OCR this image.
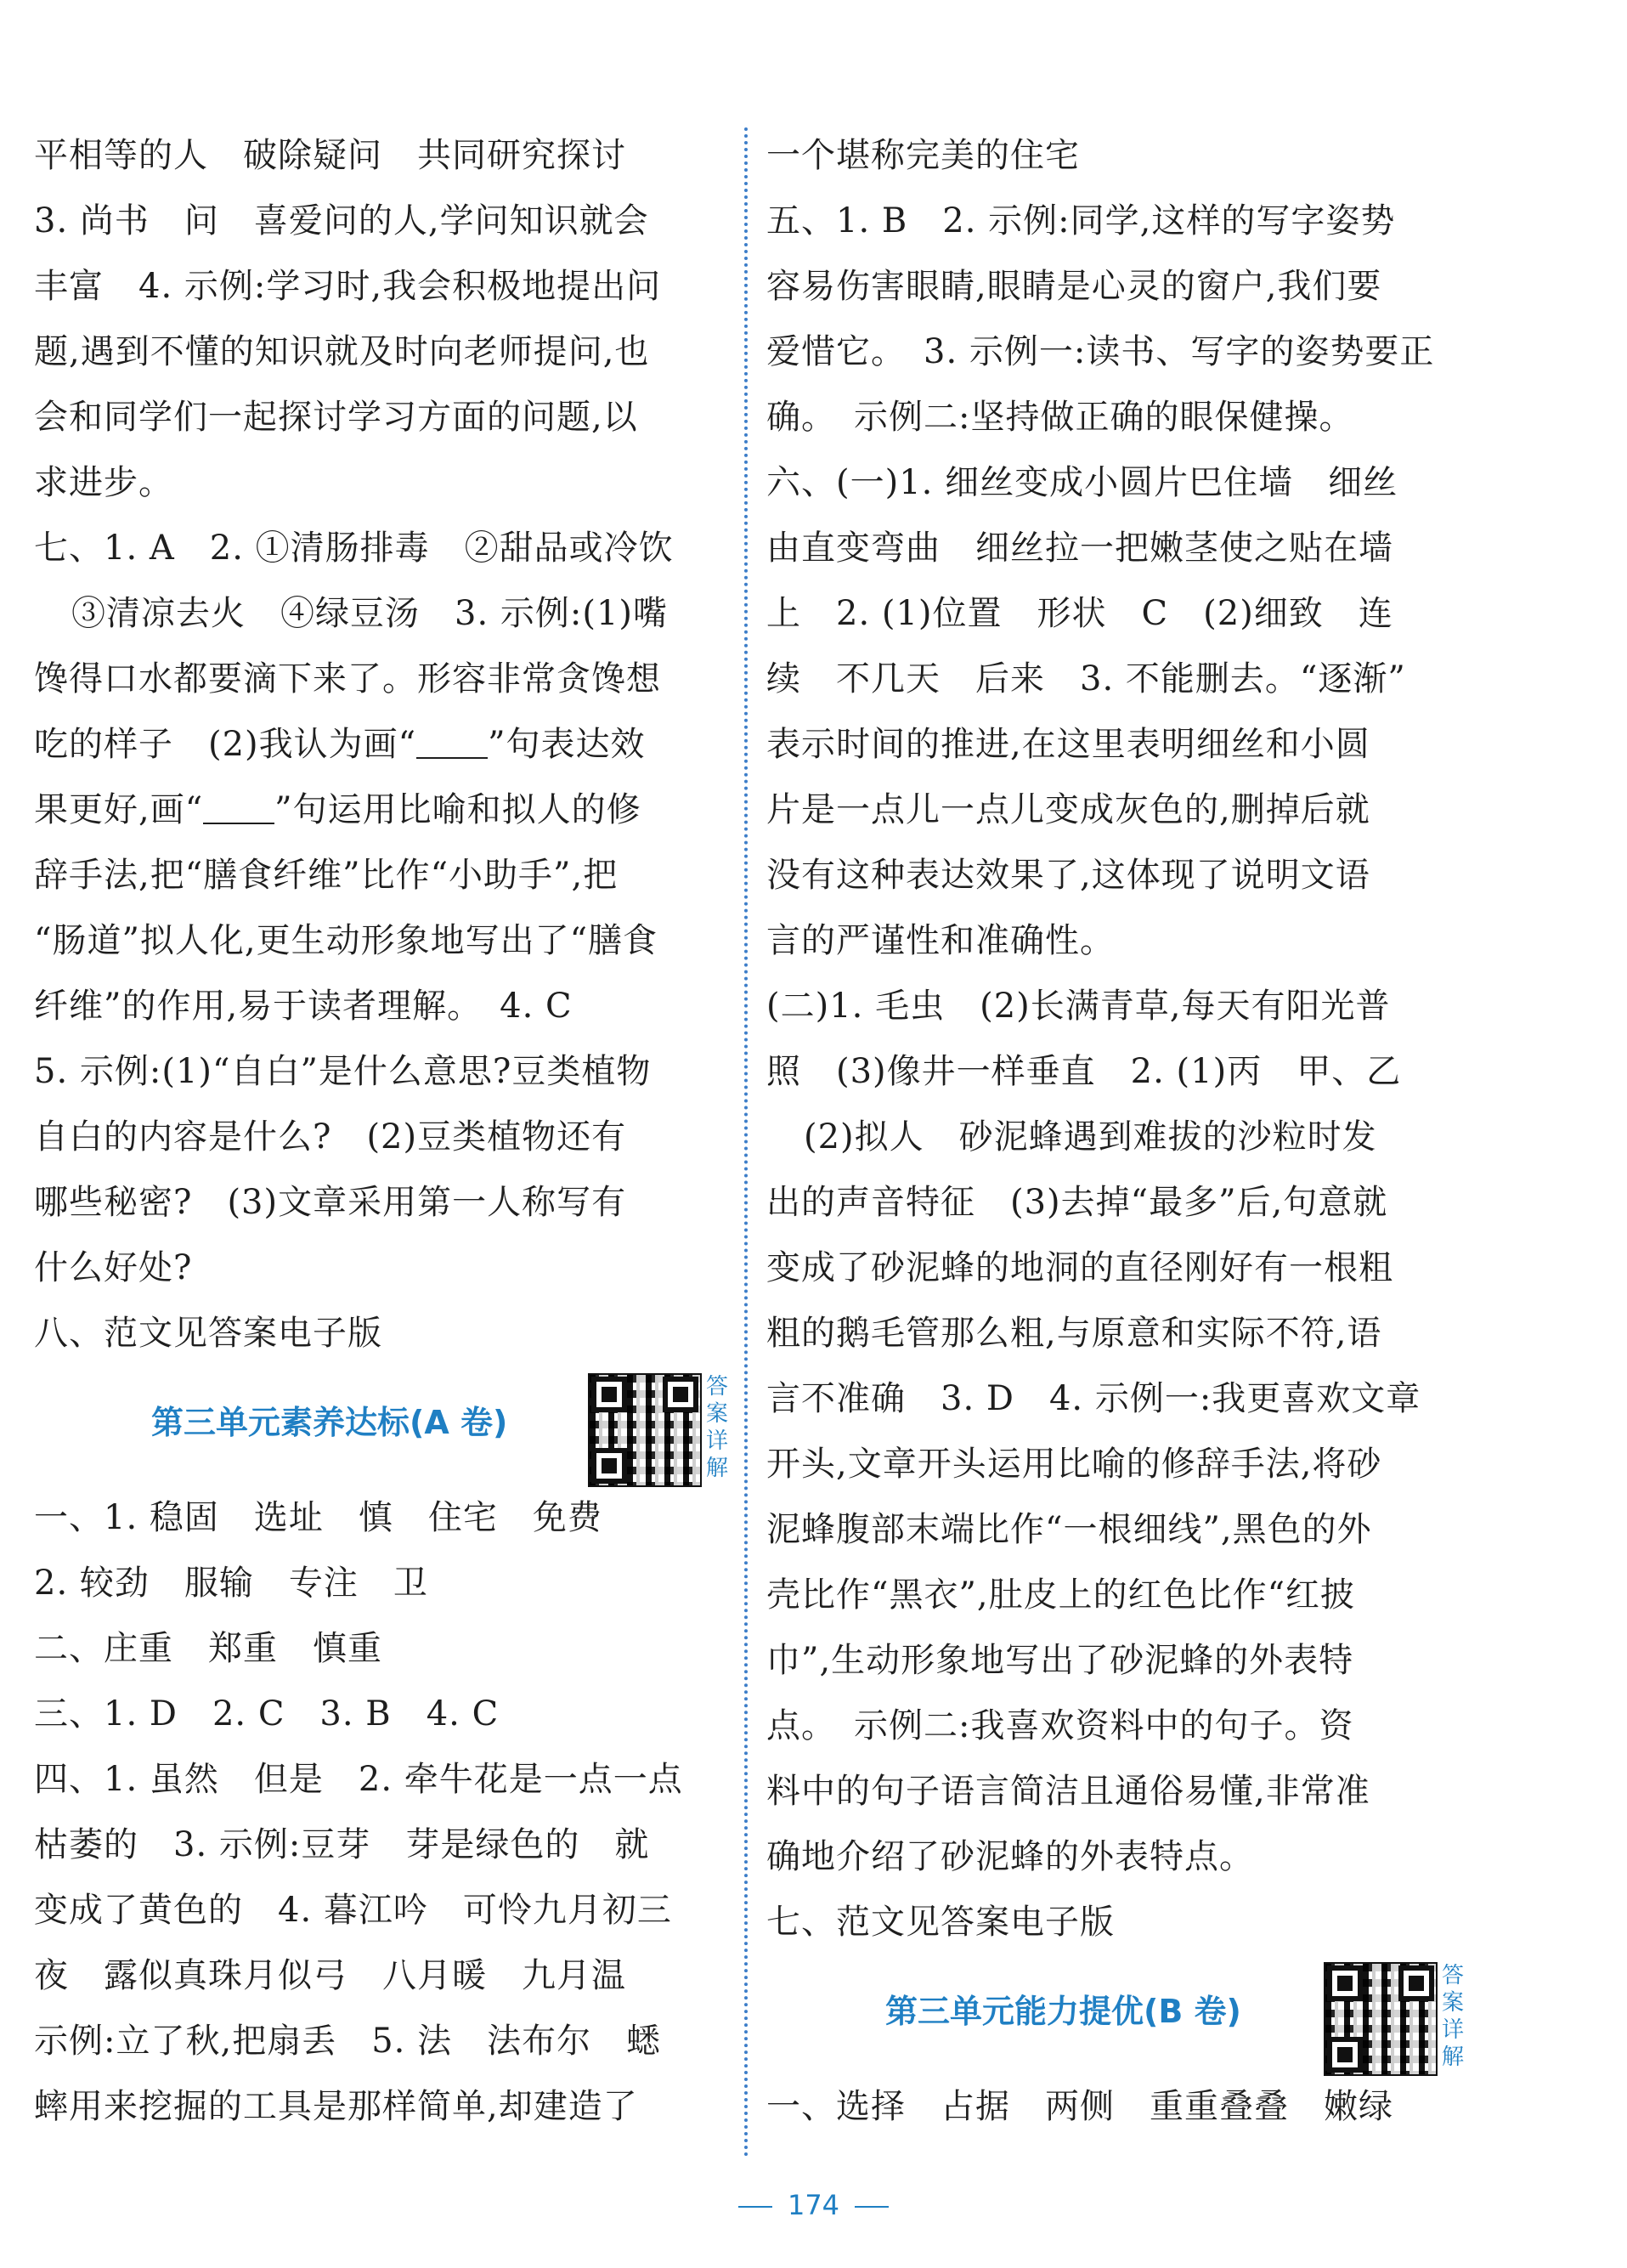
平相等的人　破除疑问　共同研究探讨
3. 尚书　问　喜爱问的人,学问知识就会
丰富　4. 示例:学习时,我会积极地提出问
题,遇到不懂的知识就及时向老师提问,也
会和同学们一起探讨学习方面的问题,以
求进步。
七、1. A　2. ①清肠排毒　②甜品或冷饮
③清凉去火　④绿豆汤　3. 示例:(1)嘴
馋得口水都要滴下来了。形容非常贪馋想
吃的样子　(2)我认为画“ ”句表达效
果更好,画“ ”句运用比喻和拟人的修
辞手法,把“膳食纤维”比作“小助手”,把
“肠道”拟人化,更生动形象地写出了“膳食
纤维”的作用,易于读者理解。　4. C
5. 示例:(1)“自白”是什么意思?豆类植物
自白的内容是什么?　(2)豆类植物还有
哪些秘密?　(3)文章采用第一人称写有
什么好处?
八、范文见答案电子版
第三单元素养达标(A 卷)
答案详解
一、1. 稳固　选址　慎　住宅　免费
2. 较劲　服输　专注　卫
二、庄重　郑重　慎重
三、1. D　2. C　3. B　4. C
四、1. 虽然　但是　2. 牵牛花是一点一点
枯萎的　3. 示例:豆芽　芽是绿色的　就
变成了黄色的　4. 暮江吟　可怜九月初三
夜　露似真珠月似弓　八月暖　九月温
示例:立了秋,把扇丢　5. 法　法布尔　蟋
蟀用来挖掘的工具是那样简单,却建造了
一个堪称完美的住宅
五、1. B　2. 示例:同学,这样的写字姿势
容易伤害眼睛,眼睛是心灵的窗户,我们要
爱惜它。　3. 示例一:读书、写字的姿势要正
确。　示例二:坚持做正确的眼保健操。
六、(一)1. 细丝变成小圆片巴住墙　细丝
由直变弯曲　细丝拉一把嫩茎使之贴在墙
上　2. (1)位置　形状　C　(2)细致　连
续　不几天　后来　3. 不能删去。“逐渐”
表示时间的推进,在这里表明细丝和小圆
片是一点儿一点儿变成灰色的,删掉后就
没有这种表达效果了,这体现了说明文语
言的严谨性和准确性。
(二)1. 毛虫　(2)长满青草,每天有阳光普
照　(3)像井一样垂直　2. (1)丙　甲、乙
(2)拟人　砂泥蜂遇到难拔的沙粒时发
出的声音特征　(3)去掉“最多”后,句意就
变成了砂泥蜂的地洞的直径刚好有一根粗
粗的鹅毛管那么粗,与原意和实际不符,语
言不准确　3. D　4. 示例一:我更喜欢文章
开头,文章开头运用比喻的修辞手法,将砂
泥蜂腹部末端比作“一根细线”,黑色的外
壳比作“黑衣”,肚皮上的红色比作“红披
巾”,生动形象地写出了砂泥蜂的外表特
点。　示例二:我喜欢资料中的句子。资
料中的句子语言简洁且通俗易懂,非常准
确地介绍了砂泥蜂的外表特点。
七、范文见答案电子版
第三单元能力提优(B 卷)
答案详解
一、选择　占据　两侧　重重叠叠　嫩绿
174
